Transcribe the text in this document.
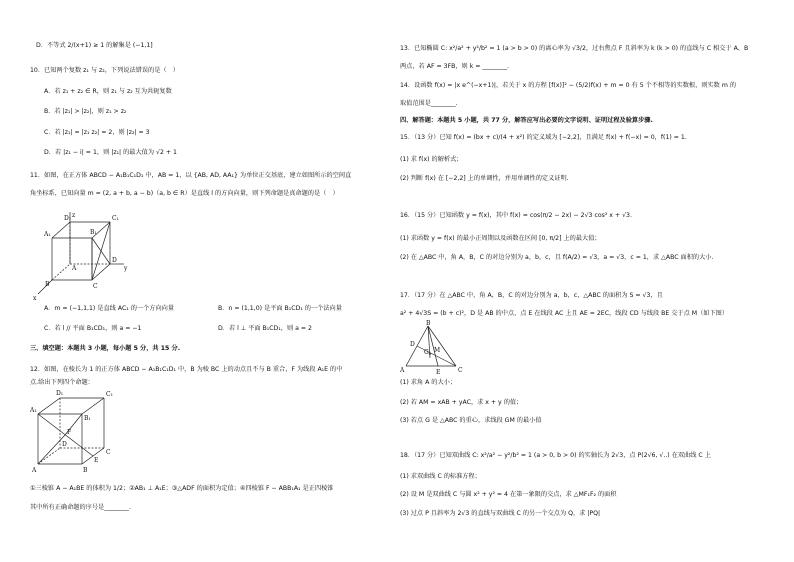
D．不等式 2/(x+1) ≥ 1 的解集是 (−1,1]
10．已知两个复数 z₁ 与 z₂，下列说法错误的是（　）
A．若 z₁ + z₂ ∈ R，则 z₁ 与 z₂ 互为共轭复数
B．若 |z₁| > |z₂|，则 z₁ > z₂
C．若 |z₁| = |z₁ z₂| = 2，则 |z₂| = 3
D．若 |z₁ − i| = 1，则 |z₁| 的最大值为 √2 + 1
11．如图，在正方体 ABCD − A₁B₁C₁D₁ 中，AB = 1，以 {AB, AD, AA₁} 为单位正交基底，建立如图所示的空间直
角坐标系，已知向量 m = (2, a + b, a − b)（a, b ∈ R）是直线 l 的方向向量，则下列命题是真命题的是（　）
A₁	B₁
C₁
D₁
A
B	C
D
x
y
z
A．m = (−1,1,1) 是直线 AC₁ 的一个方向向量	B．n = (1,1,0) 是平面 B₁CD₁ 的一个法向量
C．若 l // 平面 B₁CD₁，则 a = −1	D．若 l ⊥ 平面 B₁CD₁，则 a = 2
三、填空题：本题共 3 小题，每小题 5 分，共 15 分.
12．如图，在棱长为 1 的正方体 ABCD − A₁B₁C₁D₁ 中，B 为棱 BC 上的动点且不与 B 重合，F 为线段 A₁E 的中
点.给出下列四个命题：
A₁
B₁
C₁
D₁
A	B
C
D
E
F
①三棱锥 A − A₁BE 的体积为 1/2；②AB₁ ⊥ A₁E；③△ADF 的面积为定值；④四棱锥 F − ABB₁A₁ 是正四棱锥
其中所有正确命题的序号是________.
13．已知椭圆 C: x²/a² + y²/b² = 1 (a > b > 0) 的离心率为 √3/2，过右焦点 F 且斜率为 k (k > 0) 的直线与 C 相交于 A、B
两点，若 AF = 3FB，则 k = ________.
14．设函数 f(x) = |x e^(−x+1)|，若关于 x 的方程 [f(x)]² − (5/2)f(x) + m = 0 有 5 个不相等的实数根，则实数 m 的
取值范围是________.
四、解答题：本题共 5 小题，共 77 分，解答应写出必要的文字说明、证明过程及验算步骤.
15．（13 分）已知 f(x) = (bx + c)/(4 + x²) 的定义域为 [−2,2]，且满足 f(x) + f(−x) = 0，f(1) = 1.
(1) 求 f(x) 的解析式；
(2) 判断 f(x) 在 [−2,2] 上的单调性，并用单调性的定义证明.
16．（15 分）已知函数 y = f(x)，其中 f(x) = cos(π/2 − 2x) − 2√3 cos² x + √3.
(1) 求函数 y = f(x) 的最小正周期以及函数在区间 [0, π/2] 上的最大值；
(2) 在 △ABC 中，角 A，B，C 的对边分别为 a，b，c，且 f(A/2) = √3，a = √3，c = 1，求 △ABC 面积的大小.
17．（17 分）在 △ABC 中，角 A，B，C 的对边分别为 a，b，c，△ABC 的面积为 S = √3，且
a² + 4√3S = (b + c)²，D 是 AB 的中点，点 E 在线段 AC 上且 AE = 2EC，线段 CD 与线段 BE 交于点 M（如下图）
A
B
C
D
E
G M
(1) 求角 A 的大小；
(2) 若 AM = xAB + yAC，求 x + y 的值；
(3) 若点 G 是 △ABC 的重心，求线段 GM 的最小值
18．（17 分）已知双曲线 C: x²/a² − y²/b² = 1 (a > 0, b > 0) 的实轴长为 2√3，点 P(2√6, √..) 在双曲线 C 上
(1) 求双曲线 C 的标准方程；
(2) 设 M 是双曲线 C 与圆 x² + y² = 4 在第一象限的交点，求 △MF₁F₂ 的面积
(3) 过点 P 且斜率为 2√3 的直线与双曲线 C 的另一个交点为 Q，求 |PQ|
